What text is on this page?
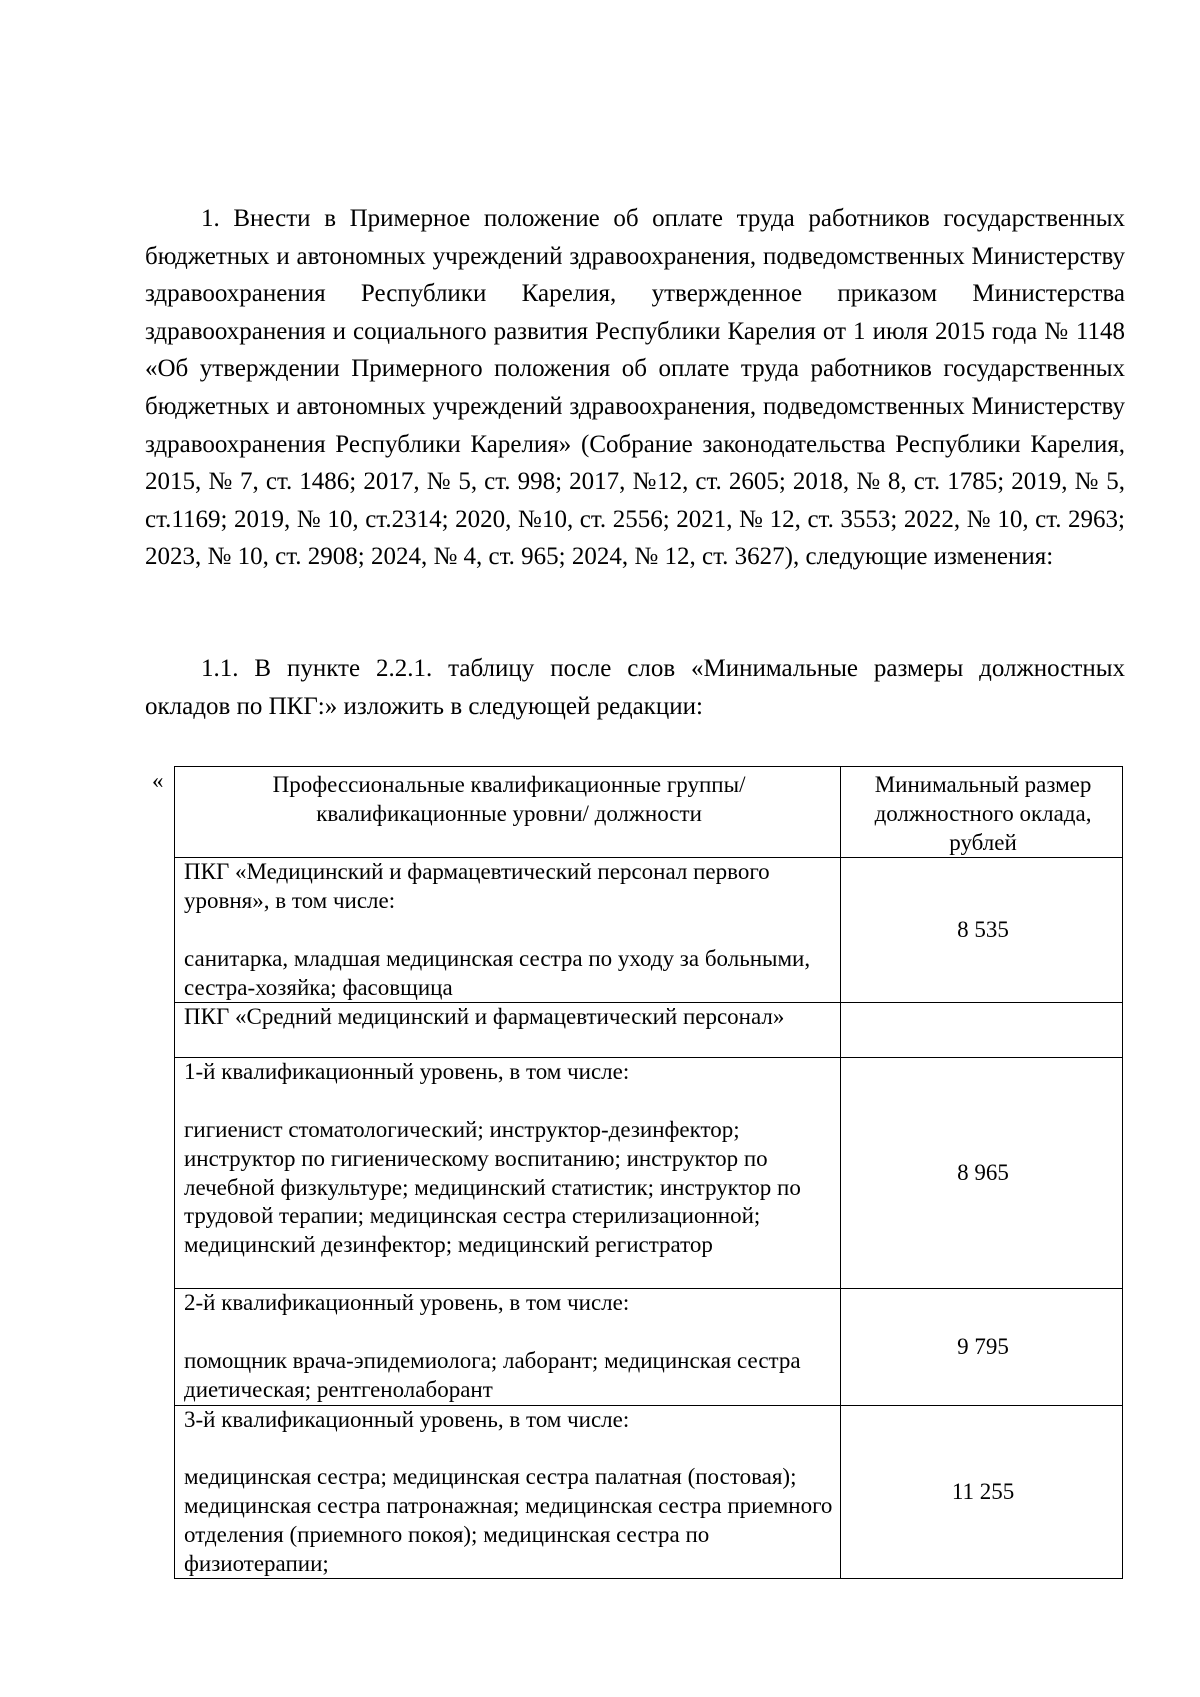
1. Внести в Примерное положение об оплате труда работников государственных бюджетных и автономных учреждений здравоохранения, подведомственных Министерству здравоохранения Республики Карелия, утвержденное приказом Министерства здравоохранения и социального развития Республики Карелия от 1 июля 2015 года № 1148 «Об утверждении Примерного положения об оплате труда работников государственных бюджетных и автономных учреждений здравоохранения, подведомственных Министерству здравоохранения Республики Карелия» (Собрание законодательства Республики Карелия, 2015, № 7, ст. 1486; 2017, № 5, ст. 998; 2017, №12, ст. 2605; 2018, № 8, ст. 1785; 2019, № 5, ст.1169; 2019, № 10, ст.2314; 2020, №10, ст. 2556; 2021, № 12, ст. 3553; 2022, № 10, ст. 2963; 2023, № 10, ст. 2908; 2024, № 4, ст. 965; 2024, № 12, ст. 3627), следующие изменения:

1.1. В пункте 2.2.1. таблицу после слов «Минимальные размеры должностных окладов по ПКГ:» изложить в следующей редакции:

«	Профессиональные квалификационные группы/ квалификационные уровни/ должности	Минимальный размер должностного оклада, рублей

ПКГ «Медицинский и фармацевтический персонал первого уровня», в том числе:
санитарка, младшая медицинская сестра по уходу за больными, сестра-хозяйка; фасовщица	8 535

ПКГ «Средний медицинский и фармацевтический персонал»	

1-й квалификационный уровень, в том числе:
гигиенист стоматологический; инструктор-дезинфектор; инструктор по гигиеническому воспитанию; инструктор по лечебной физкультуре; медицинский статистик; инструктор по трудовой терапии; медицинская сестра стерилизационной; медицинский дезинфектор; медицинский регистратор	8 965

2-й квалификационный уровень, в том числе:
помощник врача-эпидемиолога; лаборант; медицинская сестра диетическая; рентгенолаборант	9 795

3-й квалификационный уровень, в том числе:
медицинская сестра; медицинская сестра палатная (постовая); медицинская сестра патронажная; медицинская сестра приемного отделения (приемного покоя); медицинская сестра по физиотерапии;	11 255
